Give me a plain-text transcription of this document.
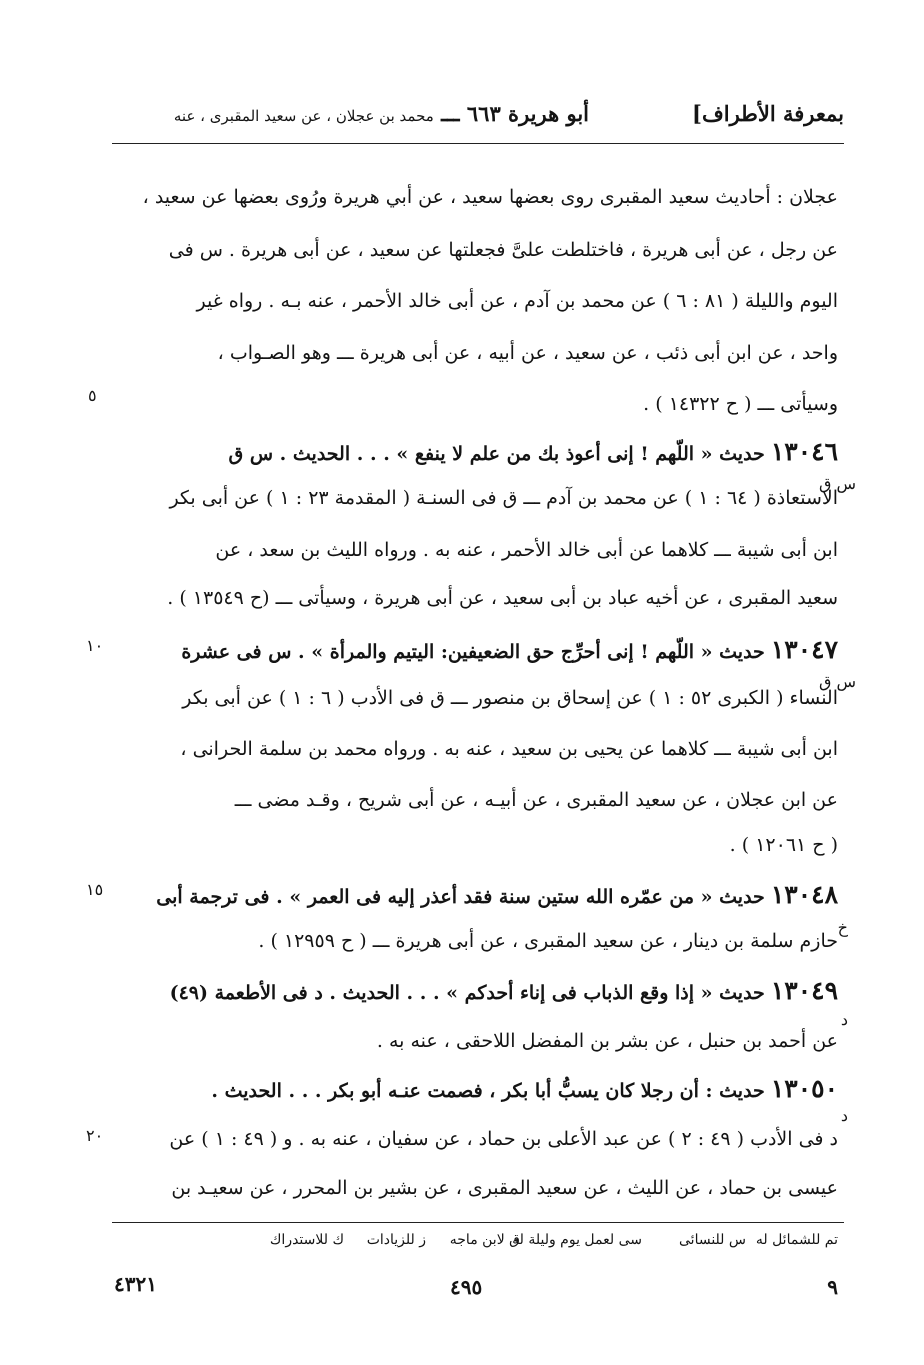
بمعرفة الأطراف]
أبو هريرة ٦٦٣ ـــ محمد بن عجلان ، عن سعيد المقبرى ، عنه
عجلان : أحاديث سعيد المقبرى روى بعضها سعيد ، عن أبي هريرة ورُوى بعضها عن سعيد ،
عن رجل ، عن أبى هريرة ، فاختلطت علىَّ فجعلتها عن سعيد ، عن أبى هريرة . س فى
اليوم والليلة ( ٨١ : ٦ ) عن محمد بن آدم ، عن أبى خالد الأحمر ، عنه بـه . رواه غير
واحد ، عن ابن أبى ذئب ، عن سعيد ، عن أبيه ، عن أبى هريرة ـــ وهو الصـواب ،
وسيأتى ـــ ( ح ١٤٣٢٢ ) .
١٣٠٤٦ حديث « اللّهم ! إنى أعوذ بك من علم لا ينفع » . . . الحديث . س ق
الاستعاذة ( ٦٤ : ١ ) عن محمد بن آدم ـــ ق فى السنـة ( المقدمة ٢٣ : ١ ) عن أبى بكر
ابن أبى شيبة ـــ كلاهما عن أبى خالد الأحمر ، عنه به . ورواه الليث بن سعد ، عن
سعيد المقبرى ، عن أخيه عباد بن أبى سعيد ، عن أبى هريرة ، وسيأتى ـــ (ح ١٣٥٤٩ ) .
١٣٠٤٧ حديث « اللّهم ! إنى أحرِّج حق الضعيفين: اليتيم والمرأة » . س فى عشرة
النساء ( الكبرى ٥٢ : ١ ) عن إسحاق بن منصور ـــ ق فى الأدب ( ٦ : ١ ) عن أبى بكر
ابن أبى شيبة ـــ كلاهما عن يحيى بن سعيد ، عنه به . ورواه محمد بن سلمة الحرانى ،
عن ابن عجلان ، عن سعيد المقبرى ، عن أبيـه ، عن أبى شريح ، وقـد مضى ـــ
( ح ١٢٠٦١ ) .
١٣٠٤٨ حديث « من عمّره الله ستين سنة فقد أعذر إليه فى العمر » . فى ترجمة أبى
حازم سلمة بن دينار ، عن سعيد المقبرى ، عن أبى هريرة ـــ ( ح ١٢٩٥٩ ) .
١٣٠٤٩ حديث « إذا وقع الذباب فى إناء أحدكم » . . . الحديث . د فى الأطعمة (٤٩)
عن أحمد بن حنبل ، عن بشر بن المفضل اللاحقى ، عنه به .
١٣٠٥٠ حديث : أن رجلا كان يسبُّ أبا بكر ، فصمت عنـه أبو بكر . . . الحديث .
د فى الأدب ( ٤٩ : ٢ ) عن عبد الأعلى بن حماد ، عن سفيان ، عنه به . و ( ٤٩ : ١ ) عن
عيسى بن حماد ، عن الليث ، عن سعيد المقبرى ، عن بشير بن المحرر ، عن سعيـد بن
٥
١٠
١٥
٢٠
س ق
س ق
خ
د
د
تم للشمائل له
س للنسائى
سى لعمل يوم وليلة له
ق لابن ماجه
ز للزيادات
ك للاستدراك
٤٩٥	٩
٤٣٢١
